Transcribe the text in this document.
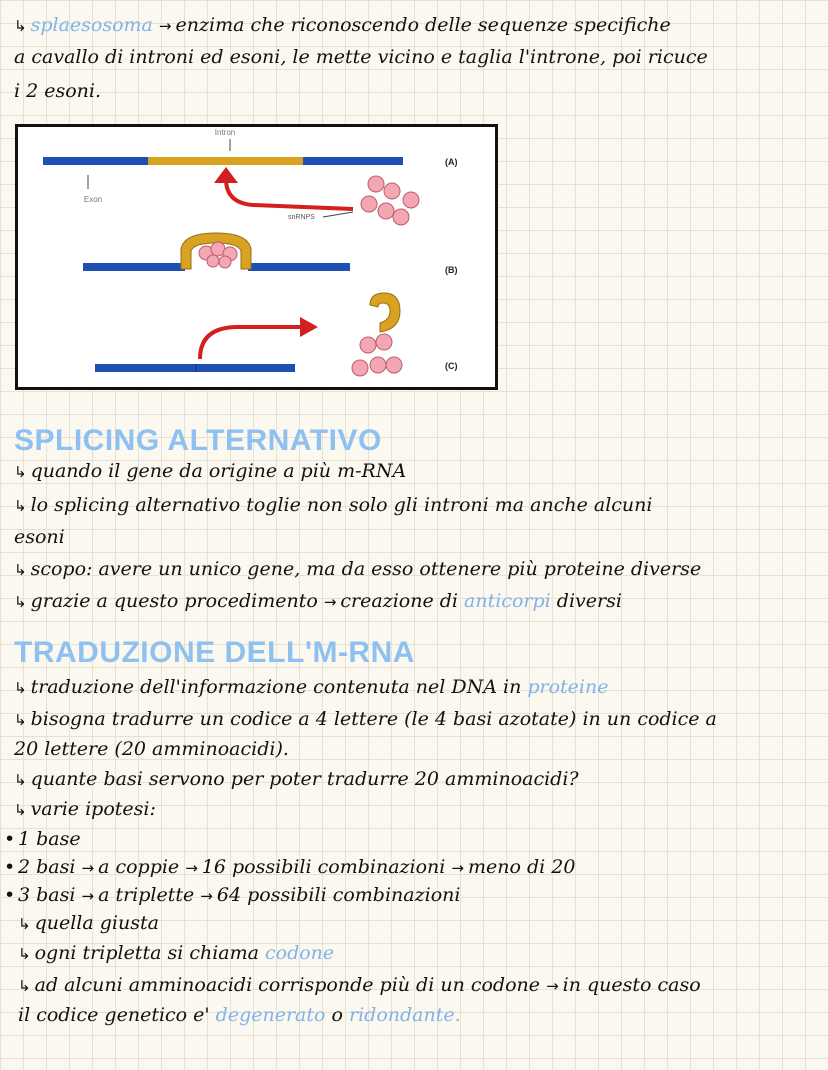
↳ splaesosoma → enzima che riconoscendo delle sequenze specifiche
a cavallo di introni ed esoni, le mette vicino e taglia l'introne, poi ricuce
i 2 esoni.
Intron
Exon
snRNPS
(A)
(B)
(C)
SPLICING ALTERNATIVO
↳ quando il gene da origine a più m-RNA
↳ lo splicing alternativo toglie non solo gli introni ma anche alcuni
esoni
↳ scopo: avere un unico gene, ma da esso ottenere più proteine diverse
↳ grazie a questo procedimento → creazione di anticorpi diversi
TRADUZIONE DELL'M-RNA
↳ traduzione dell'informazione contenuta nel DNA in proteine
↳ bisogna tradurre un codice a 4 lettere (le 4 basi azotate) in un codice a
20 lettere (20 amminoacidi).
↳ quante basi servono per poter tradurre 20 amminoacidi?
↳ varie ipotesi:
• 1 base
• 2 basi → a coppie → 16 possibili combinazioni → meno di 20
• 3 basi → a triplette → 64 possibili combinazioni
↳ quella giusta
↳ ogni tripletta si chiama codone
↳ ad alcuni amminoacidi corrisponde più di un codone → in questo caso
il codice genetico e' degenerato o ridondante.
